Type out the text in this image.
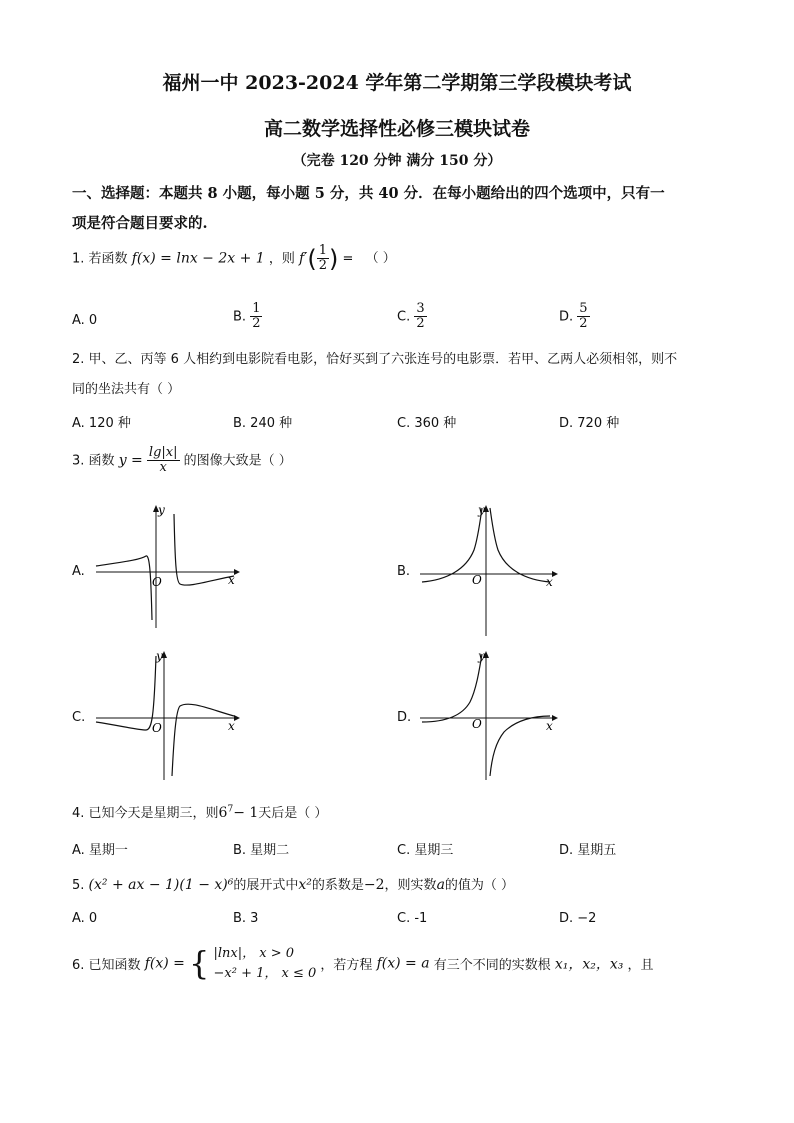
福州一中 2023-2024 学年第二学期第三学段模块考试
高二数学选择性必修三模块试卷
（完卷 120 分钟 满分 150 分）
一、选择题：本题共 8 小题，每小题 5 分，共 40 分．在每小题给出的四个选项中，只有一
项是符合题目要求的.
1. 若函数 f(x) = lnx − 2x + 1 ，则 $f'( \frac{1}{2}$ ) = （ ）
A. 0	B. $\frac{1}{2}$	C. $\frac{3}{2}$	D. $\frac{5}{2}$
2. 甲、乙、丙等 6 人相约到电影院看电影，恰好买到了六张连号的电影票．若甲、乙两人必须相邻，则不
同的坐法共有（ ）
A. 120 种	B. 240 种	C. 360 种	D. 720 种
3. 函数 $y = \frac{\lg|x|}{x}$ 的图像大致是（ ）
A.	B.
C.	D.
y
x
O
y
x
O
y
x
O
y
x
O
4. 已知今天是星期三，则$6^7- 1$天后是（ ）
A. 星期一	B. 星期二	C. 星期三	D. 星期五
5. (x² + ax − 1)(1 − x)⁶的展开式中x²的系数是−2，则实数a的值为（ ）
A. 0	B. 3	C. -1	D. −2
6. 已知函数 f(x) = { |lnx|， x > 0
−x² + 1， x ≤ 0 ，若方程 f(x) = a 有三个不同的实数根 x₁，x₂，x₃ ，且
